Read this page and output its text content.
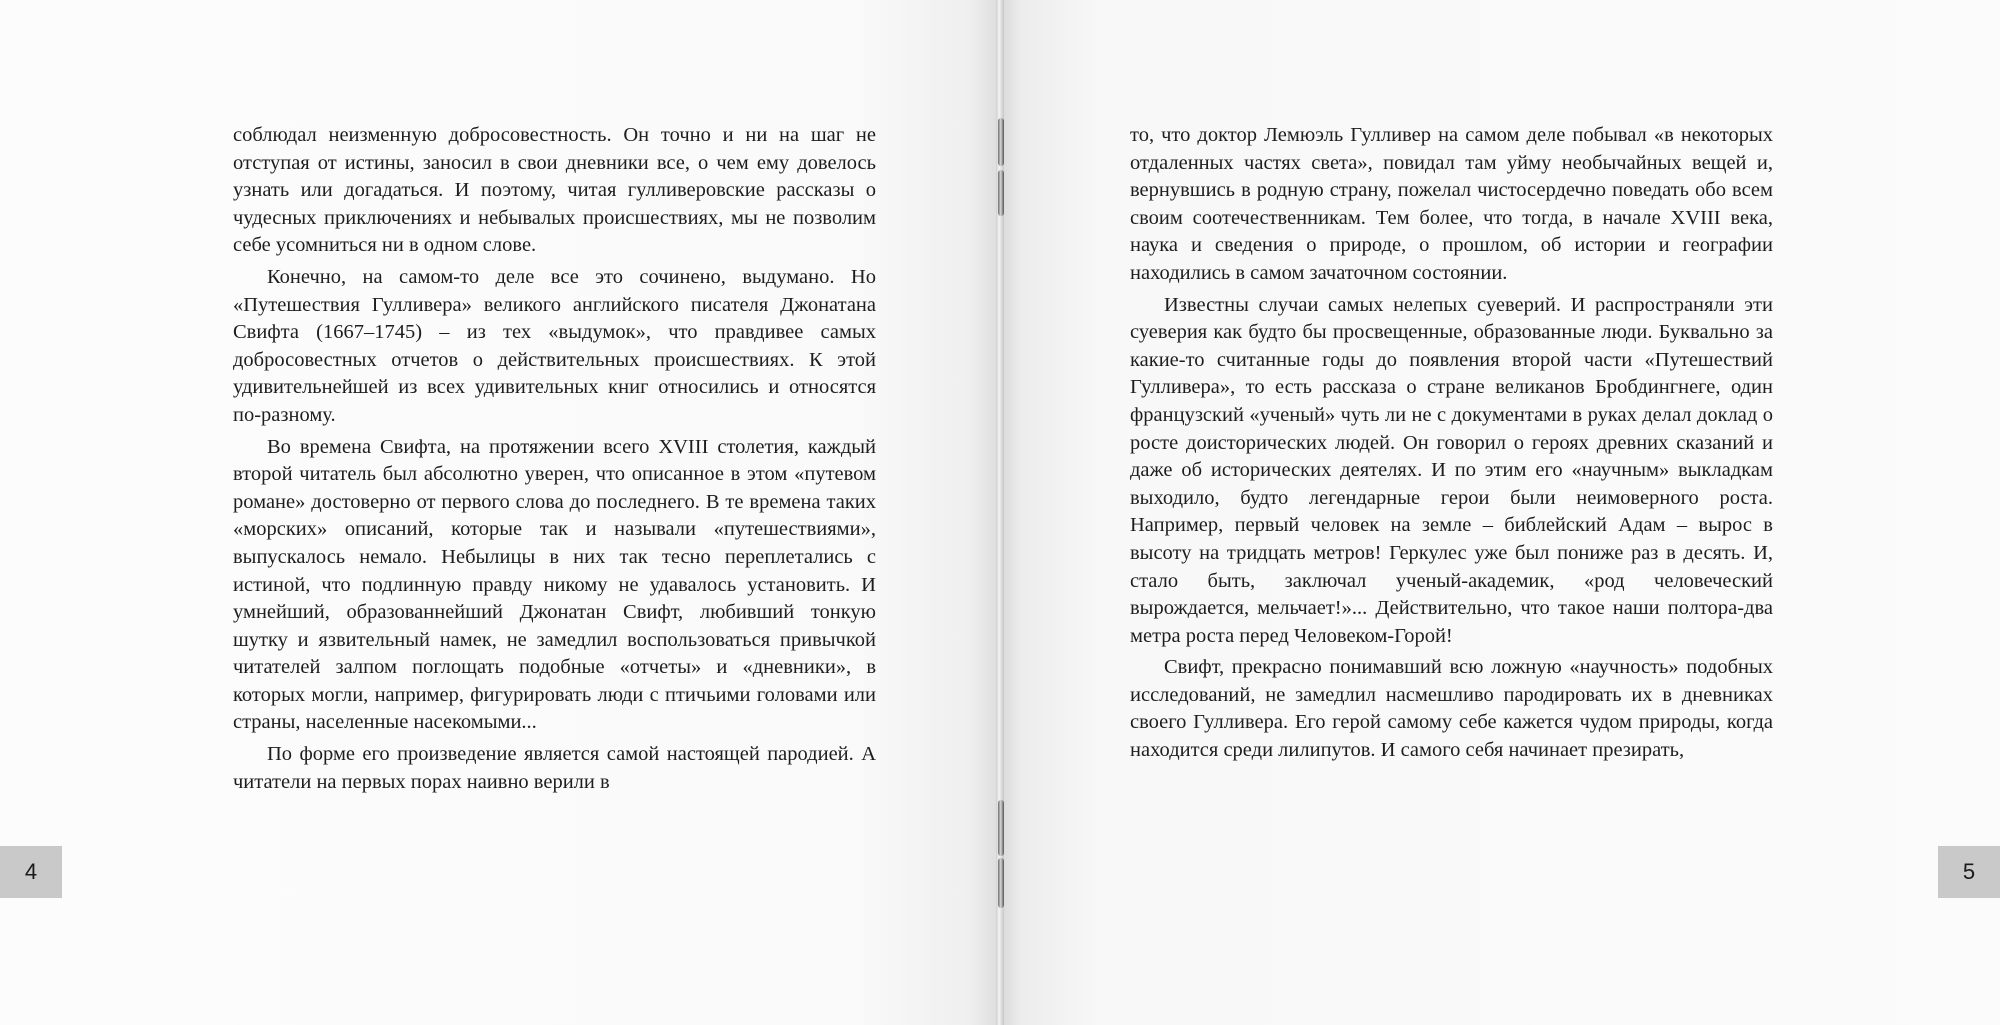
соблюдал неизменную добросовестность. Он точно и ни на шаг не отступая от истины, заносил в свои дневники все, о чем ему довелось узнать или догадаться. И поэтому, читая гулливеровские рассказы о чудесных приключениях и небывалых происшествиях, мы не позволим себе усомниться ни в одном слове.

Конечно, на самом-то деле все это сочинено, выдумано. Но «Путешествия Гулливера» великого английского писателя Джонатана Свифта (1667–1745) – из тех «выдумок», что правдивее самых добросовестных отчетов о действительных происшествиях. К этой удивительнейшей из всех удивительных книг относились и относятся по-разному.

Во времена Свифта, на протяжении всего XVIII столетия, каждый второй читатель был абсолютно уверен, что описанное в этом «путевом романе» достоверно от первого слова до последнего. В те времена таких «морских» описаний, которые так и называли «путешествиями», выпускалось немало. Небылицы в них так тесно переплетались с истиной, что подлинную правду никому не удавалось установить. И умнейший, образованнейший Джонатан Свифт, любивший тонкую шутку и язвительный намек, не замедлил воспользоваться привычкой читателей залпом поглощать подобные «отчеты» и «дневники», в которых могли, например, фигурировать люди с птичьими головами или страны, населенные насекомыми...

По форме его произведение является самой настоящей пародией. А читатели на первых порах наивно верили в

4

то, что доктор Лемюэль Гулливер на самом деле побывал «в некоторых отдаленных частях света», повидал там уйму необычайных вещей и, вернувшись в родную страну, пожелал чистосердечно поведать обо всем своим соотечественникам. Тем более, что тогда, в начале XVIII века, наука и сведения о природе, о прошлом, об истории и географии находились в самом зачаточном состоянии.

Известны случаи самых нелепых суеверий. И распространяли эти суеверия как будто бы просвещенные, образованные люди. Буквально за какие-то считанные годы до появления второй части «Путешествий Гулливера», то есть рассказа о стране великанов Бробдингнеге, один французский «ученый» чуть ли не с документами в руках делал доклад о росте доисторических людей. Он говорил о героях древних сказаний и даже об исторических деятелях. И по этим его «научным» выкладкам выходило, будто легендарные герои были неимоверного роста. Например, первый человек на земле – библейский Адам – вырос в высоту на тридцать метров! Геркулес уже был пониже раз в десять. И, стало быть, заключал ученый-академик, «род человеческий вырождается, мельчает!»... Действительно, что такое наши полтора-два метра роста перед Человеком-Горой!

Свифт, прекрасно понимавший всю ложную «научность» подобных исследований, не замедлил насмешливо пародировать их в дневниках своего Гулливера. Его герой самому себе кажется чудом природы, когда находится среди лилипутов. И самого себя начинает презирать,

5
